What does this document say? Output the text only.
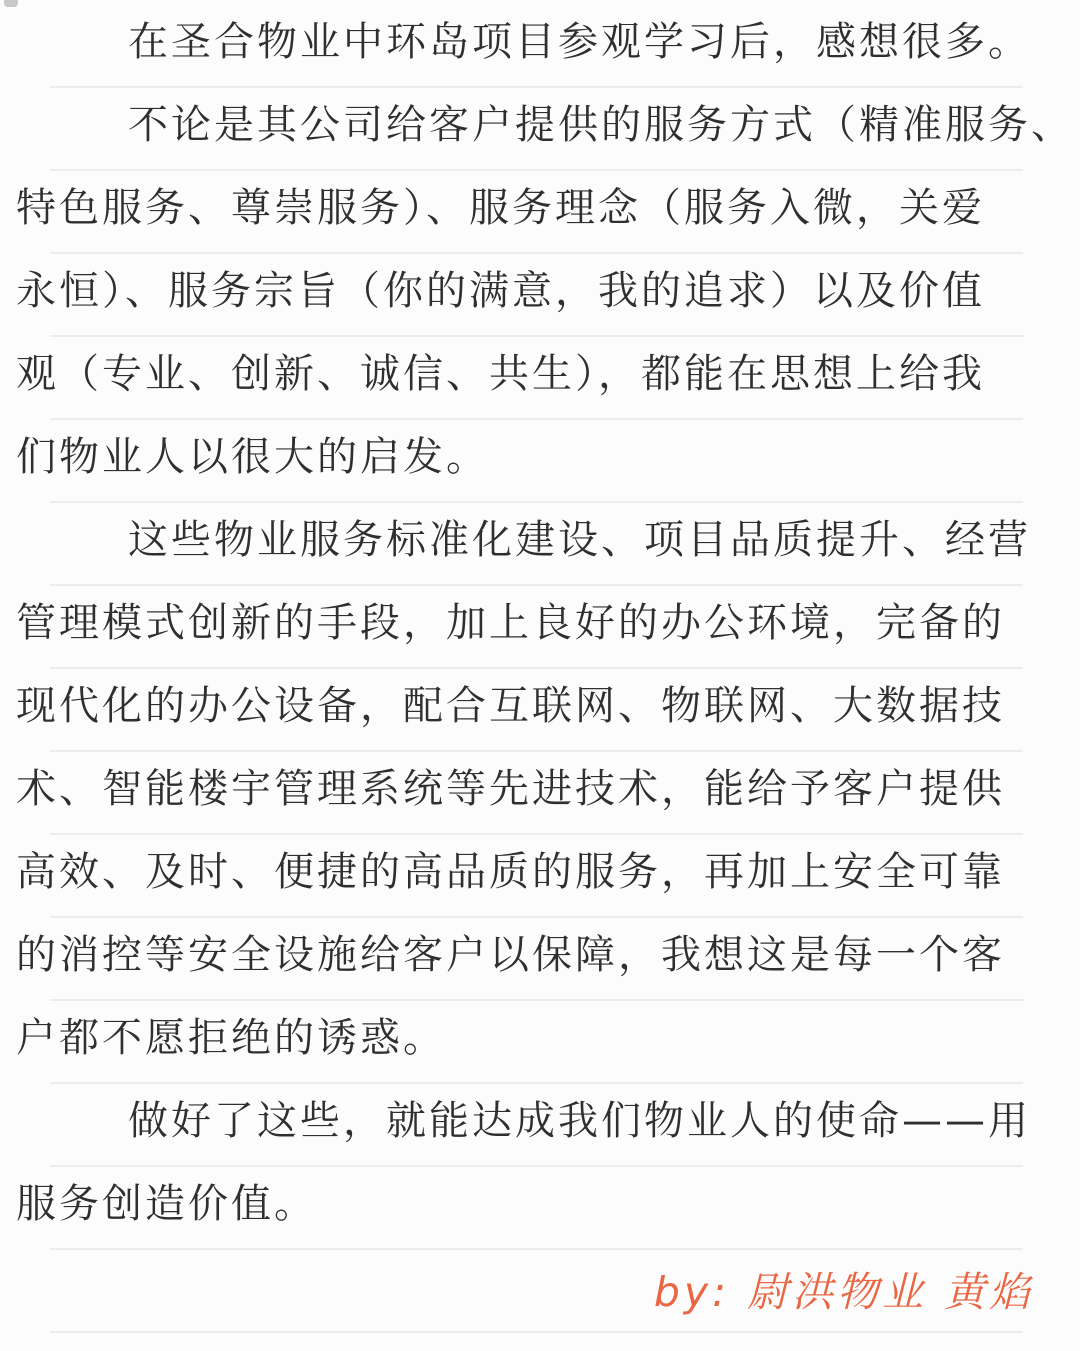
在圣合物业中环岛项目参观学习后，感想很多。
不论是其公司给客户提供的服务方式（精准服务、
特色服务、尊崇服务）、服务理念（服务入微，关爱
永恒）、服务宗旨（你的满意，我的追求）以及价值
观（专业、创新、诚信、共生），都能在思想上给我
们物业人以很大的启发。
这些物业服务标准化建设、项目品质提升、经营
管理模式创新的手段，加上良好的办公环境，完备的
现代化的办公设备，配合互联网、物联网、大数据技
术、智能楼宇管理系统等先进技术，能给予客户提供
高效、及时、便捷的高品质的服务，再加上安全可靠
的消控等安全设施给客户以保障，我想这是每一个客
户都不愿拒绝的诱惑。
做好了这些，就能达成我们物业人的使命——用
服务创造价值。
by: 尉洪物业 黄焰
